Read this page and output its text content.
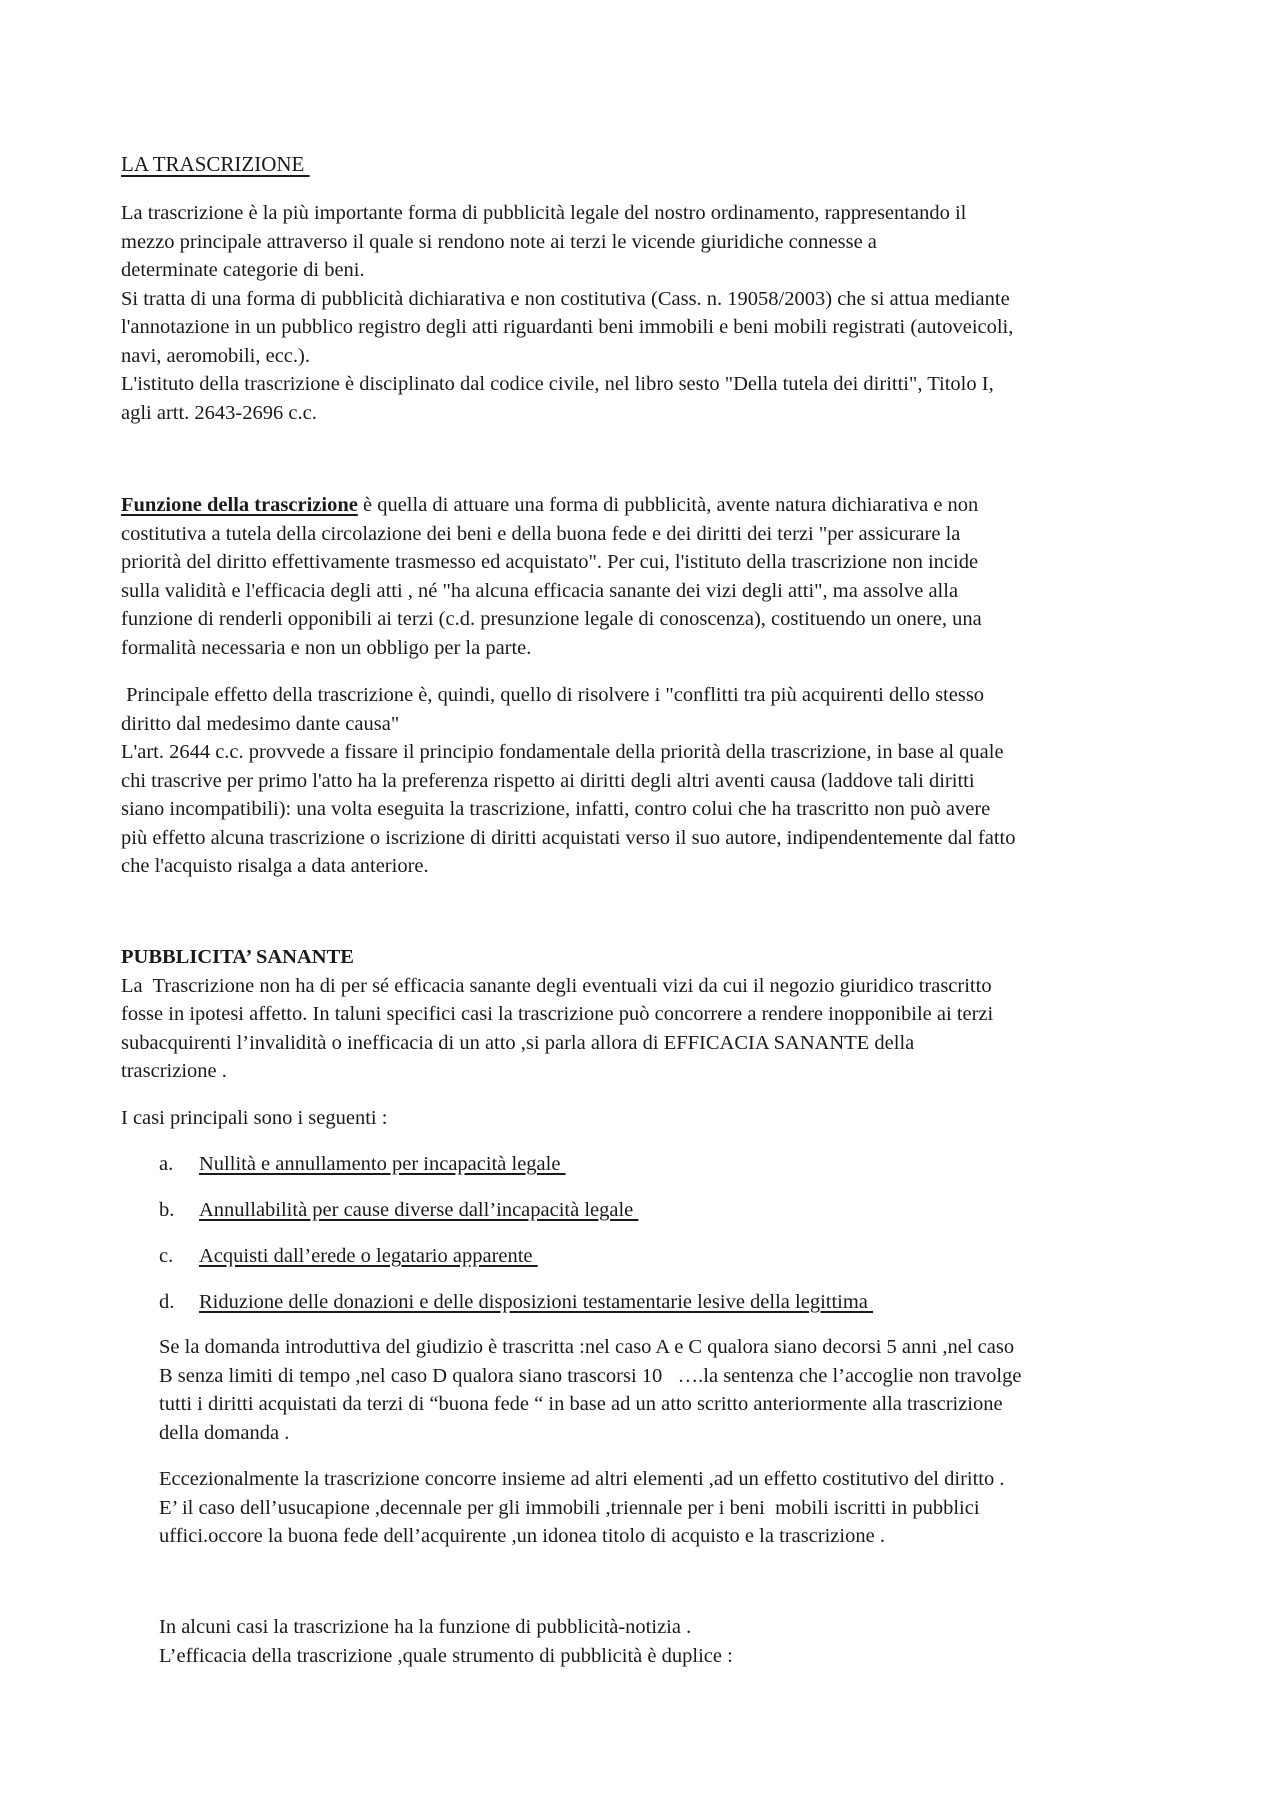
LA TRASCRIZIONE
La trascrizione è la più importante forma di pubblicità legale del nostro ordinamento, rappresentando il
mezzo principale attraverso il quale si rendono note ai terzi le vicende giuridiche connesse a
determinate categorie di beni.
Si tratta di una forma di pubblicità dichiarativa e non costitutiva (Cass. n. 19058/2003) che si attua mediante
l'annotazione in un pubblico registro degli atti riguardanti beni immobili e beni mobili registrati (autoveicoli,
navi, aeromobili, ecc.).
L'istituto della trascrizione è disciplinato dal codice civile, nel libro sesto "Della tutela dei diritti", Titolo I,
agli artt. 2643-2696 c.c.
Funzione della trascrizione è quella di attuare una forma di pubblicità, avente natura dichiarativa e non
costitutiva a tutela della circolazione dei beni e della buona fede e dei diritti dei terzi "per assicurare la
priorità del diritto effettivamente trasmesso ed acquistato". Per cui, l'istituto della trascrizione non incide
sulla validità e l'efficacia degli atti , né "ha alcuna efficacia sanante dei vizi degli atti", ma assolve alla
funzione di renderli opponibili ai terzi (c.d. presunzione legale di conoscenza), costituendo un onere, una
formalità necessaria e non un obbligo per la parte.
Principale effetto della trascrizione è, quindi, quello di risolvere i "conflitti tra più acquirenti dello stesso
diritto dal medesimo dante causa"
L'art. 2644 c.c. provvede a fissare il principio fondamentale della priorità della trascrizione, in base al quale
chi trascrive per primo l'atto ha la preferenza rispetto ai diritti degli altri aventi causa (laddove tali diritti
siano incompatibili): una volta eseguita la trascrizione, infatti, contro colui che ha trascritto non può avere
più effetto alcuna trascrizione o iscrizione di diritti acquistati verso il suo autore, indipendentemente dal fatto
che l'acquisto risalga a data anteriore.
PUBBLICITA’ SANANTE
La  Trascrizione non ha di per sé efficacia sanante degli eventuali vizi da cui il negozio giuridico trascritto
fosse in ipotesi affetto. In taluni specifici casi la trascrizione può concorrere a rendere inopponibile ai terzi
subacquirenti l’invalidità o inefficacia di un atto ,si parla allora di EFFICACIA SANANTE della
trascrizione .
I casi principali sono i seguenti :
a. Nullità e annullamento per incapacità legale
b. Annullabilità per cause diverse dall’incapacità legale
c. Acquisti dall’erede o legatario apparente
d. Riduzione delle donazioni e delle disposizioni testamentarie lesive della legittima
Se la domanda introduttiva del giudizio è trascritta :nel caso A e C qualora siano decorsi 5 anni ,nel caso
B senza limiti di tempo ,nel caso D qualora siano trascorsi 10   ….la sentenza che l’accoglie non travolge
tutti i diritti acquistati da terzi di “buona fede “ in base ad un atto scritto anteriormente alla trascrizione
della domanda .
Eccezionalmente la trascrizione concorre insieme ad altri elementi ,ad un effetto costitutivo del diritto .
E’ il caso dell’usucapione ,decennale per gli immobili ,triennale per i beni  mobili iscritti in pubblici
uffici.occore la buona fede dell’acquirente ,un idonea titolo di acquisto e la trascrizione .
In alcuni casi la trascrizione ha la funzione di pubblicità-notizia .
L’efficacia della trascrizione ,quale strumento di pubblicità è duplice :
